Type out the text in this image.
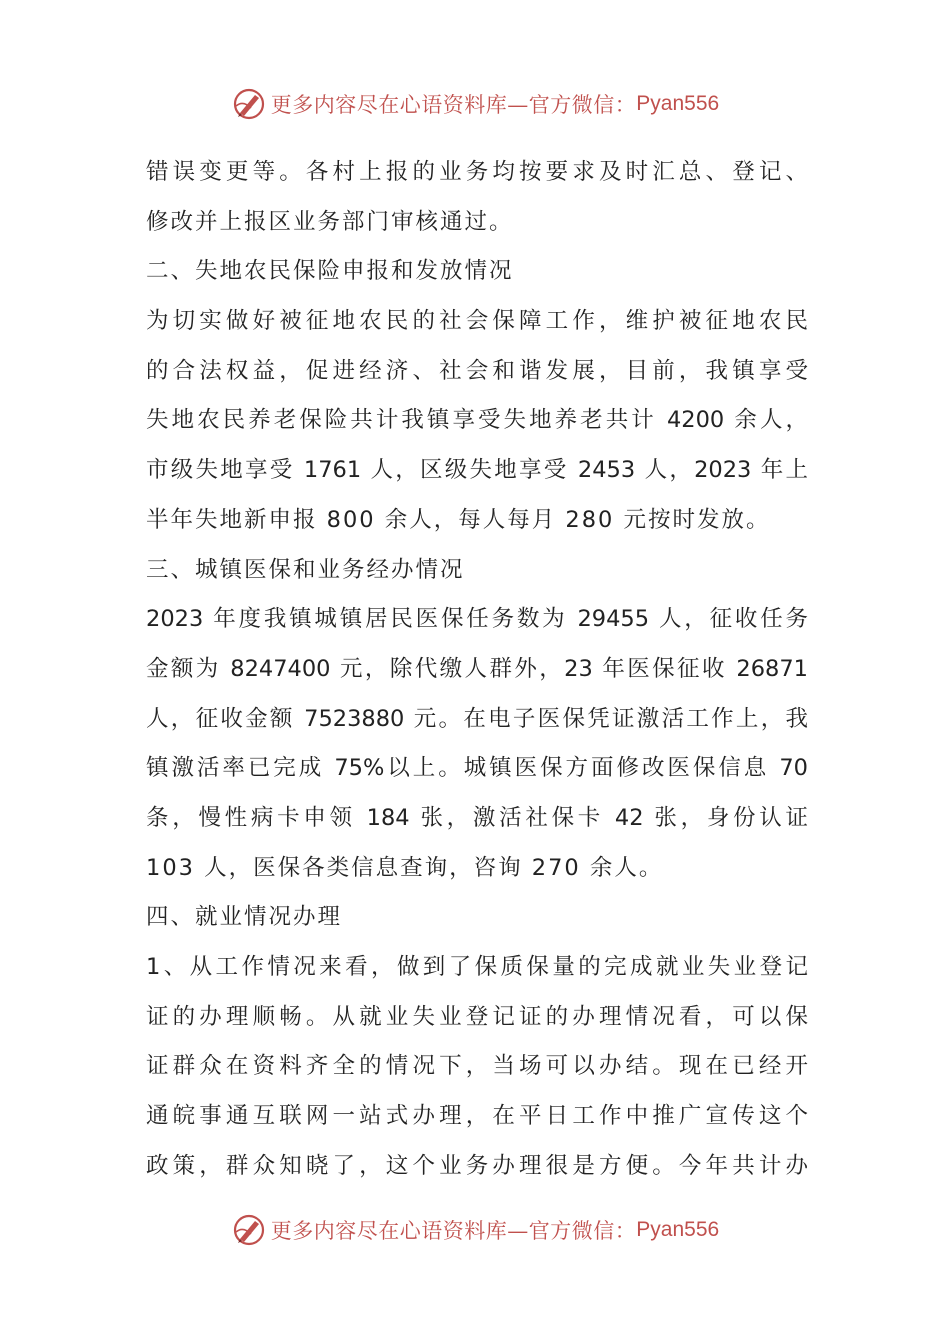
更多内容尽在心语资料库—官方微信： Pyan556
错误变更等。各村上报的业务均按要求及时汇总、登记、
修改并上报区业务部门审核通过。
二、失地农民保险申报和发放情况
为切实做好被征地农民的社会保障工作，维护被征地农民
的合法权益，促进经济、社会和谐发展，目前，我镇享受
失地农民养老保险共计我镇享受失地养老共计 4200 余人，
市级失地享受 1761 人，区级失地享受 2453 人，2023 年上
半年失地新申报 800 余人，每人每月 280 元按时发放。
三、城镇医保和业务经办情况
2023 年度我镇城镇居民医保任务数为 29455 人，征收任务
金额为 8247400 元，除代缴人群外，23 年医保征收 26871
人，征收金额 7523880 元。在电子医保凭证激活工作上，我
镇激活率已完成 75%以上。城镇医保方面修改医保信息 70
条，慢性病卡申领 184 张，激活社保卡 42 张，身份认证
103 人，医保各类信息查询，咨询 270 余人。
四、就业情况办理
1、从工作情况来看，做到了保质保量的完成就业失业登记
证的办理顺畅。从就业失业登记证的办理情况看，可以保
证群众在资料齐全的情况下，当场可以办结。现在已经开
通皖事通互联网一站式办理，在平日工作中推广宣传这个
政策，群众知晓了，这个业务办理很是方便。今年共计办
更多内容尽在心语资料库—官方微信： Pyan556
